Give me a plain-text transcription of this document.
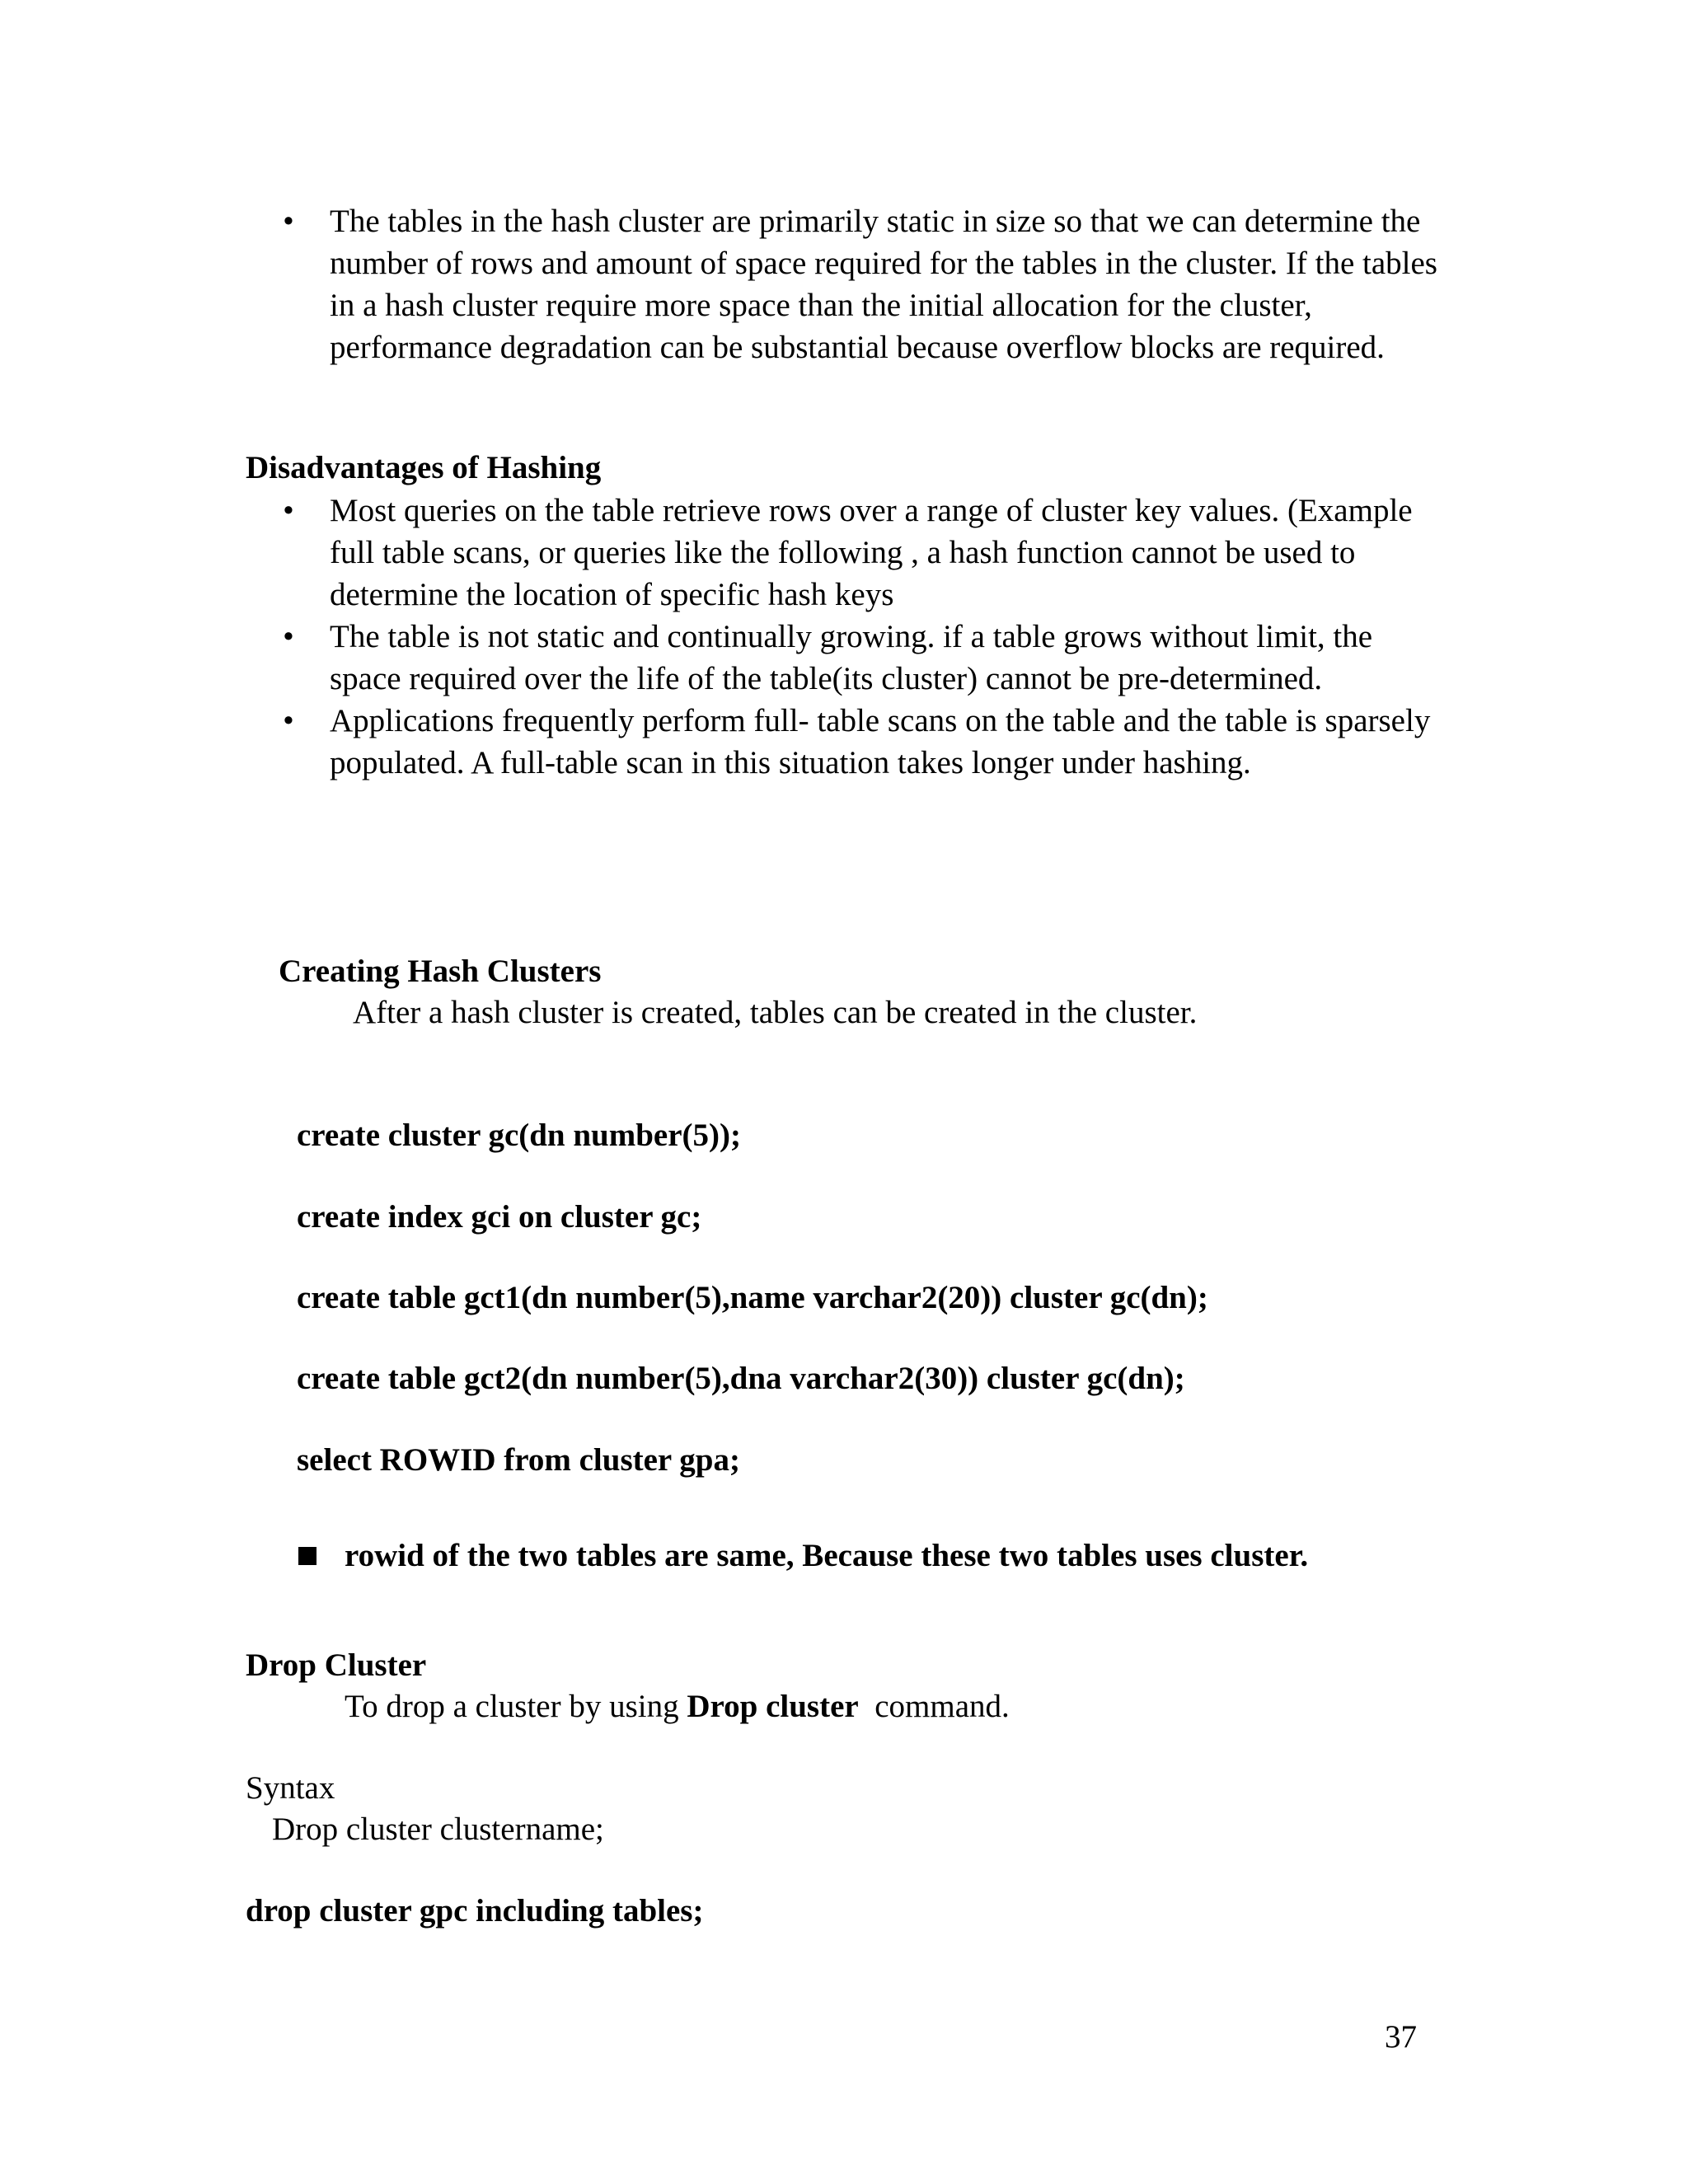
• The tables in the hash cluster are primarily static in size so that we can determine the number of rows and amount of space required for the tables in the cluster. If the tables in a hash cluster require more space than the initial allocation for the cluster, performance degradation can be substantial because overflow blocks are required.
Disadvantages of Hashing
• Most queries on the table retrieve rows over a range of cluster key values. (Example full table scans, or queries like the following , a hash function cannot be used to determine the location of specific hash keys
• The table is not static and continually growing. if a table grows without limit, the space required over the life of the table(its cluster) cannot be pre-determined.
• Applications frequently perform full- table scans on the table and the table is sparsely populated. A full-table scan in this situation takes longer under hashing.
Creating Hash Clusters
After a hash cluster is created, tables can be created in the cluster.
create cluster gc(dn number(5));
create index gci on cluster gc;
create table gct1(dn number(5),name varchar2(20)) cluster gc(dn);
create table gct2(dn number(5),dna varchar2(30)) cluster gc(dn);
select ROWID from cluster gpa;
rowid of the two tables are same, Because these two tables uses cluster.
Drop Cluster
To drop a cluster by using Drop cluster  command.
Syntax
Drop cluster clustername;
drop cluster gpc including tables;
37
